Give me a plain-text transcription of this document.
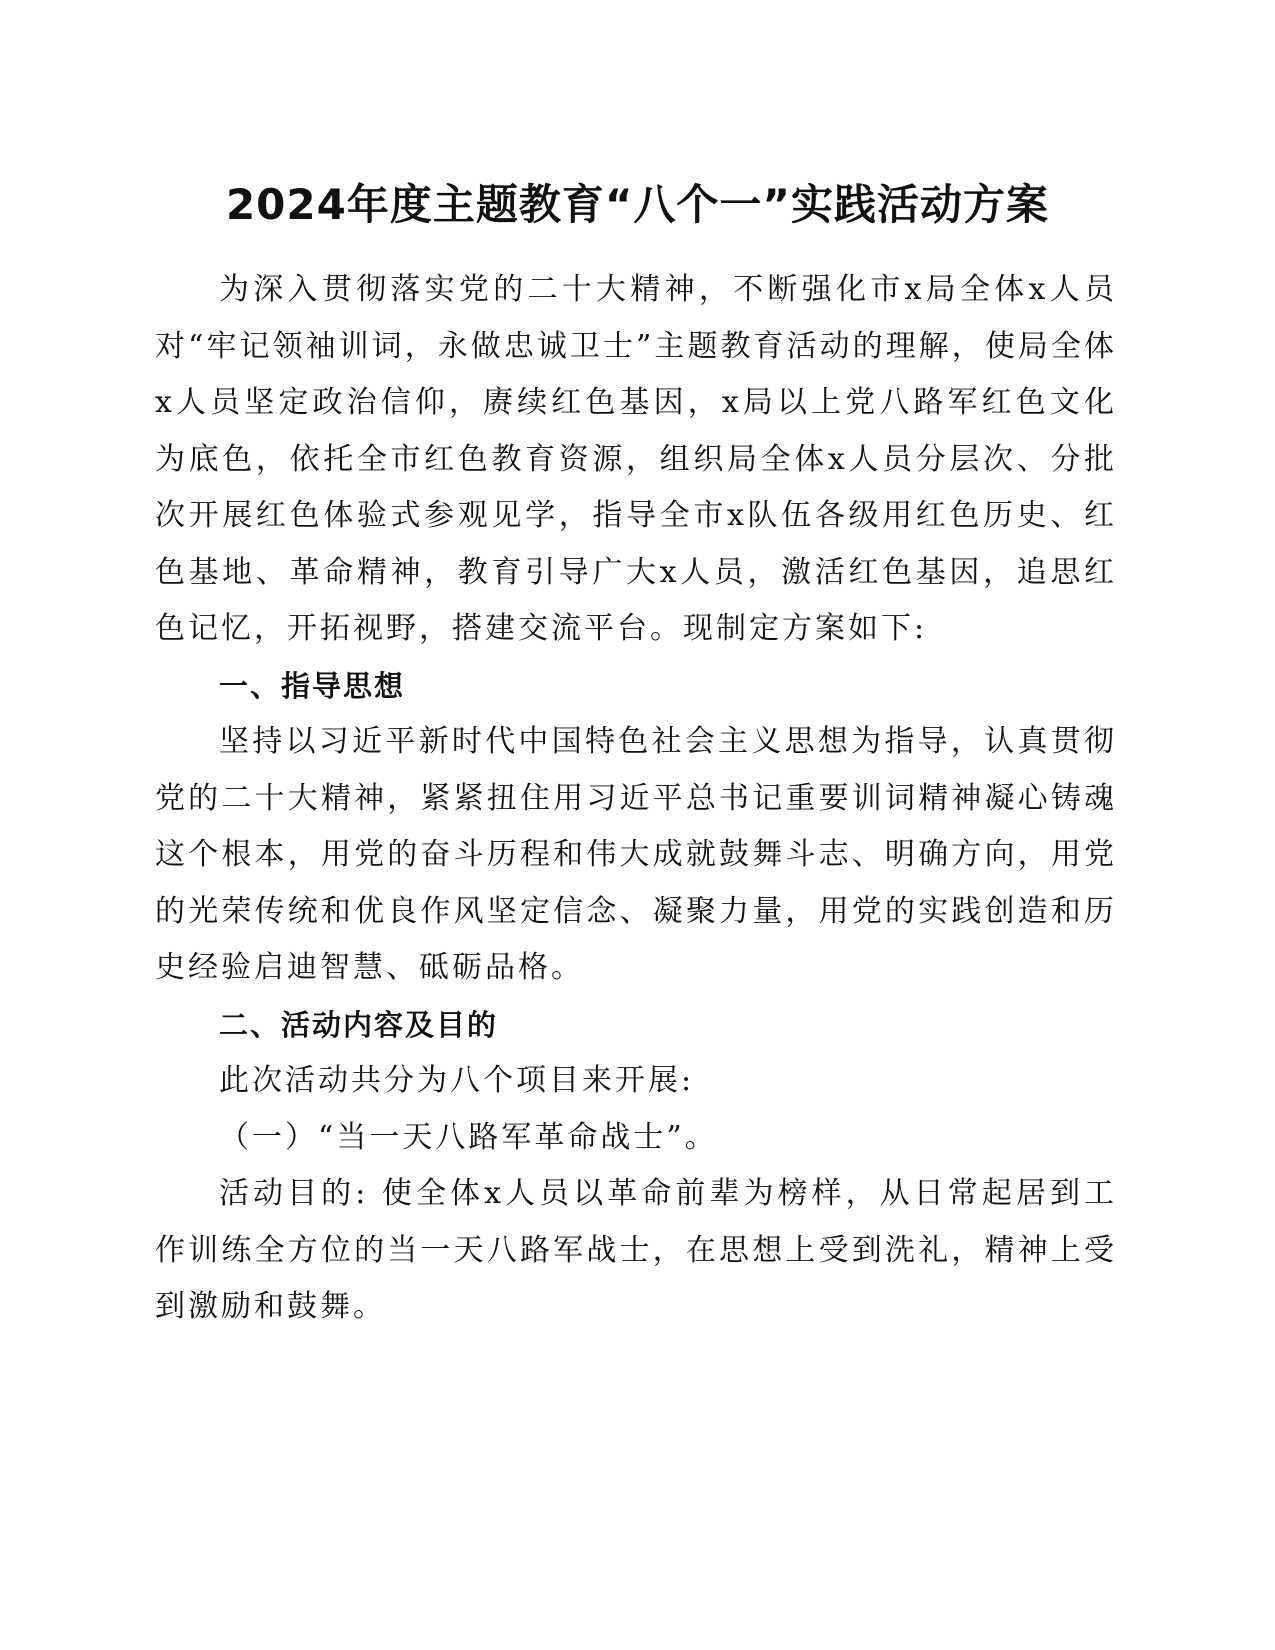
2024年度主题教育“八个一”实践活动方案

为深入贯彻落实党的二十大精神，不断强化市x局全体x人员对“牢记领袖训词，永做忠诚卫士”主题教育活动的理解，使局全体x人员坚定政治信仰，赓续红色基因，x局以上党八路军红色文化为底色，依托全市红色教育资源，组织局全体x人员分层次、分批次开展红色体验式参观见学，指导全市x队伍各级用红色历史、红色基地、革命精神，教育引导广大x人员，激活红色基因，追思红色记忆，开拓视野，搭建交流平台。现制定方案如下:

一、指导思想

坚持以习近平新时代中国特色社会主义思想为指导，认真贯彻党的二十大精神，紧紧扭住用习近平总书记重要训词精神凝心铸魂这个根本，用党的奋斗历程和伟大成就鼓舞斗志、明确方向，用党的光荣传统和优良作风坚定信念、凝聚力量，用党的实践创造和历史经验启迪智慧、砥砺品格。

二、活动内容及目的

此次活动共分为八个项目来开展:

（一）“当一天八路军革命战士”。

活动目的: 使全体x人员以革命前辈为榜样，从日常起居到工作训练全方位的当一天八路军战士，在思想上受到洗礼，精神上受到激励和鼓舞。
